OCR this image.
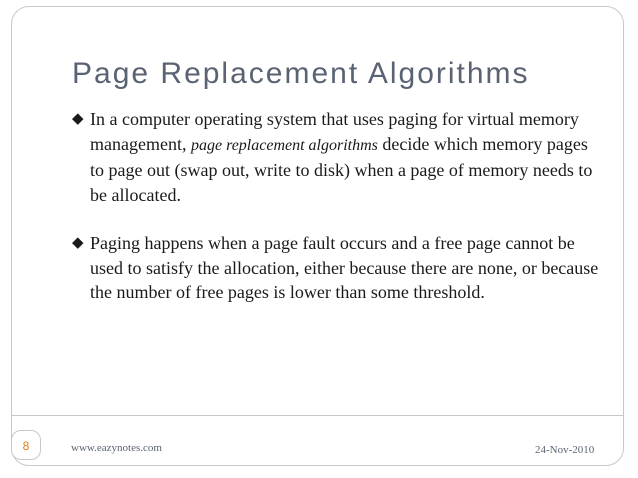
Page Replacement Algorithms

◆ In a computer operating system that uses paging for virtual memory management, page replacement algorithms decide which memory pages to page out (swap out, write to disk) when a page of memory needs to be allocated.

◆ Paging happens when a page fault occurs and a free page cannot be used to satisfy the allocation, either because there are none, or because the number of free pages is lower than some threshold.

8	www.eazynotes.com	24-Nov-2010
